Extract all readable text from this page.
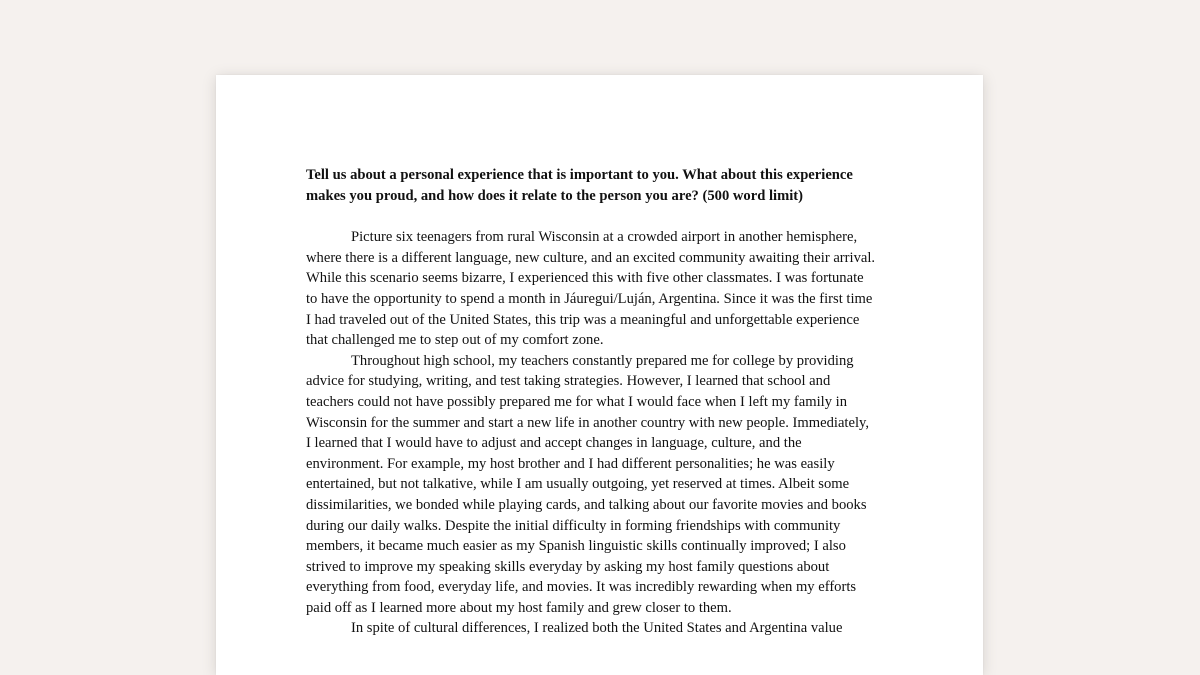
Tell us about a personal experience that is important to you. What about this experience
makes you proud, and how does it relate to the person you are? (500 word limit)
Picture six teenagers from rural Wisconsin at a crowded airport in another hemisphere,
where there is a different language, new culture, and an excited community awaiting their arrival.
While this scenario seems bizarre, I experienced this with five other classmates. I was fortunate
to have the opportunity to spend a month in Jáuregui/Luján, Argentina. Since it was the first time
I had traveled out of the United States, this trip was a meaningful and unforgettable experience
that challenged me to step out of my comfort zone.
Throughout high school, my teachers constantly prepared me for college by providing
advice for studying, writing, and test taking strategies. However, I learned that school and
teachers could not have possibly prepared me for what I would face when I left my family in
Wisconsin for the summer and start a new life in another country with new people. Immediately,
I learned that I would have to adjust and accept changes in language, culture, and the
environment. For example, my host brother and I had different personalities; he was easily
entertained, but not talkative, while I am usually outgoing, yet reserved at times. Albeit some
dissimilarities, we bonded while playing cards, and talking about our favorite movies and books
during our daily walks. Despite the initial difficulty in forming friendships with community
members, it became much easier as my Spanish linguistic skills continually improved; I also
strived to improve my speaking skills everyday by asking my host family questions about
everything from food, everyday life, and movies. It was incredibly rewarding when my efforts
paid off as I learned more about my host family and grew closer to them.
In spite of cultural differences, I realized both the United States and Argentina value
